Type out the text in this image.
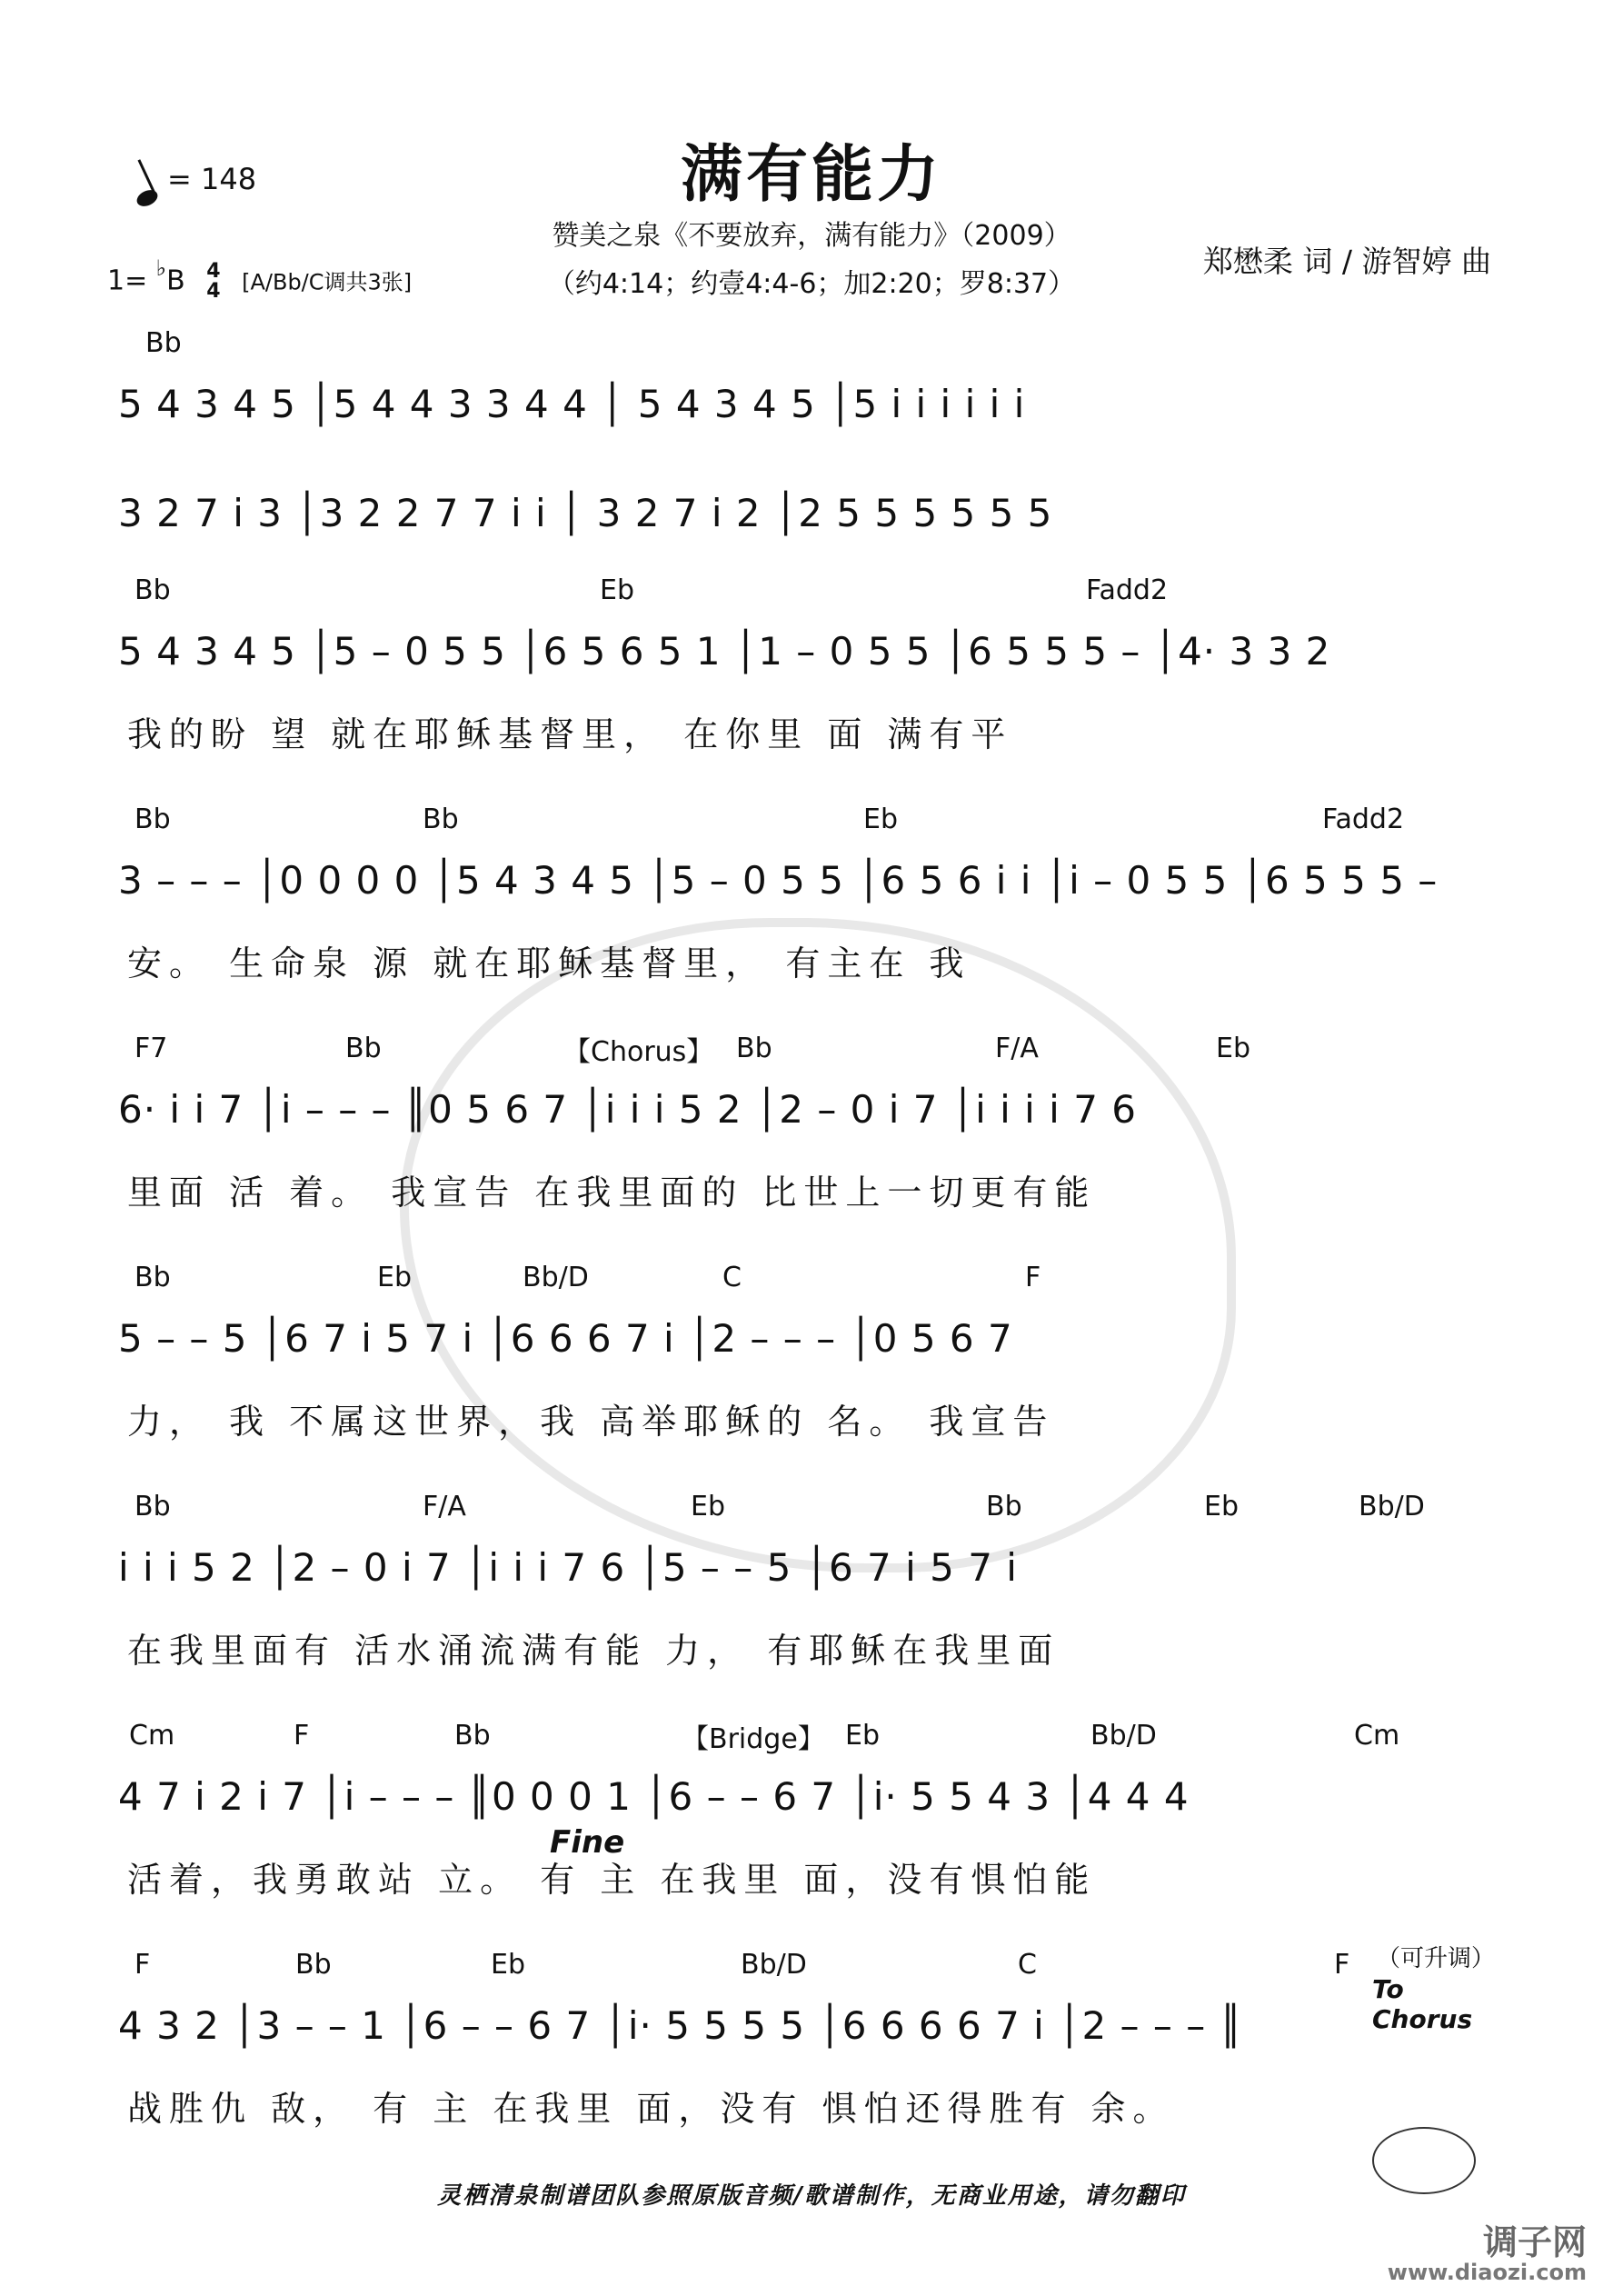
= 148	满有能力
赞美之泉《不要放弃，满有能力》（2009）
（约4:14；约壹4:4-6；加2:20；罗8:37）
郑懋柔 词 / 游智婷 曲
1= ♭B 4
4 [A/Bb/C调共3张]
Bb
5 4 3 4 5 │5 4 4 3 3 4 4 │ 5 4 3 4 5 │5 i i i i i i
3 2 7 i 3 │3 2 2 7 7 i i │ 3 2 7 i 2 │2 5 5 5 5 5 5
Bb	Eb	Fadd2
5 4 3 4 5 │5 – 0 5 5 │6 5 6 5 1 │1 – 0 5 5 │6 5 5 5 – │4· 3 3 2
我的盼 望 就在耶稣基督里， 在你里 面 满有平
Bb	Bb	Eb	Fadd2
3 – – – │0 0 0 0 │5 4 3 4 5 │5 – 0 5 5 │6 5 6 i i │i – 0 5 5 │6 5 5 5 –
安。 生命泉 源 就在耶稣基督里， 有主在 我
F7	Bb	【Chorus】 Bb	F/A	Eb
6· i i 7 │i – – – ║0 5 6 7 │i i i 5 2 │2 – 0 i 7 │i i i i 7 6
里面 活 着。 我宣告 在我里面的 比世上一切更有能
Bb	Eb	Bb/D	C	F
5 – – 5 │6 7 i 5 7 i │6 6 6 7 i │2 – – – │0 5 6 7
力， 我 不属这世界，我 高举耶稣的 名。 我宣告
Bb	F/A	Eb	Bb	Eb	Bb/D
i i i 5 2 │2 – 0 i 7 │i i i 7 6 │5 – – 5 │6 7 i 5 7 i
在我里面有 活水涌流满有能 力， 有耶稣在我里面
Cm	F	Bb	【Bridge】 Eb	Bb/D	Cm
4 7 i 2 i 7 │i – – – ║0 0 0 1 │6 – – 6 7 │i· 5 5 4 3 │4 4 4
Fine
活着，我勇敢站 立。 有 主 在我里 面，没有惧怕能
F	Bb	Eb	Bb/D	C	F （可升调）
To Chorus
4 3 2 │3 – – 1 │6 – – 6 7 │i· 5 5 5 5 │6 6 6 6 7 i │2 – – – ║
战胜仇 敌， 有 主 在我里 面，没有 惧怕还得胜有 余。
灵栖清泉制谱团队参照原版音频/歌谱制作，无商业用途，请勿翻印
调子网
www.diaozi.com
